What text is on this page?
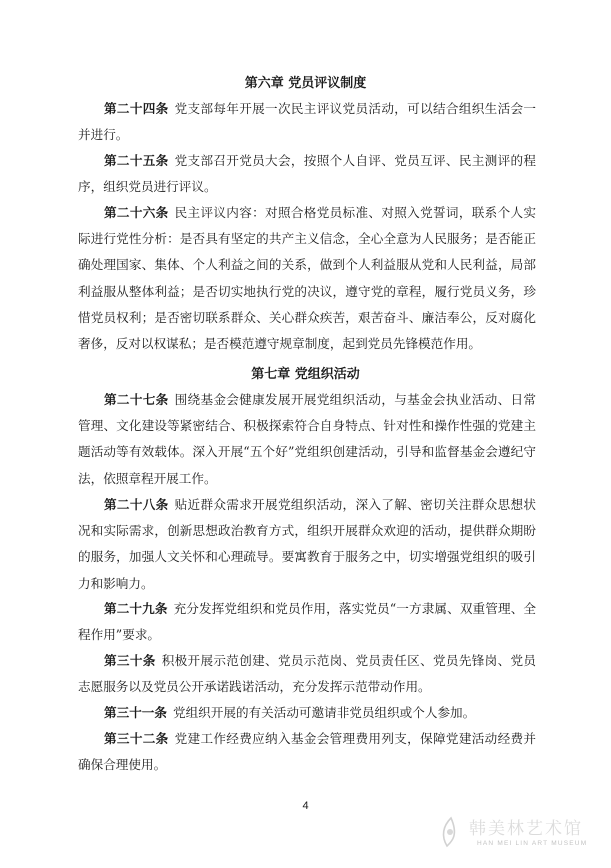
第六章 党员评议制度
第二十四条 党支部每年开展一次民主评议党员活动，可以结合组织生活会一并进行。
第二十五条 党支部召开党员大会，按照个人自评、党员互评、民主测评的程序，组织党员进行评议。
第二十六条 民主评议内容：对照合格党员标准、对照入党誓词，联系个人实际进行党性分析：是否具有坚定的共产主义信念，全心全意为人民服务；是否能正确处理国家、集体、个人利益之间的关系，做到个人利益服从党和人民利益，局部利益服从整体利益；是否切实地执行党的决议，遵守党的章程，履行党员义务，珍惜党员权利；是否密切联系群众、关心群众疾苦，艰苦奋斗、廉洁奉公，反对腐化奢侈，反对以权谋私；是否模范遵守规章制度，起到党员先锋模范作用。
第七章 党组织活动
第二十七条 围绕基金会健康发展开展党组织活动，与基金会执业活动、日常管理、文化建设等紧密结合、积极探索符合自身特点、针对性和操作性强的党建主题活动等有效载体。深入开展“五个好”党组织创建活动，引导和监督基金会遵纪守法，依照章程开展工作。
第二十八条 贴近群众需求开展党组织活动，深入了解、密切关注群众思想状况和实际需求，创新思想政治教育方式，组织开展群众欢迎的活动，提供群众期盼的服务，加强人文关怀和心理疏导。要寓教育于服务之中，切实增强党组织的吸引力和影响力。
第二十九条 充分发挥党组织和党员作用，落实党员“一方隶属、双重管理、全程作用”要求。
第三十条 积极开展示范创建、党员示范岗、党员责任区、党员先锋岗、党员志愿服务以及党员公开承诺践诺活动，充分发挥示范带动作用。
第三十一条 党组织开展的有关活动可邀请非党员组织或个人参加。
第三十二条 党建工作经费应纳入基金会管理费用列支，保障党建活动经费并确保合理使用。
4
韩美林艺术馆
HAN MEI LIN ART MUSEUM
